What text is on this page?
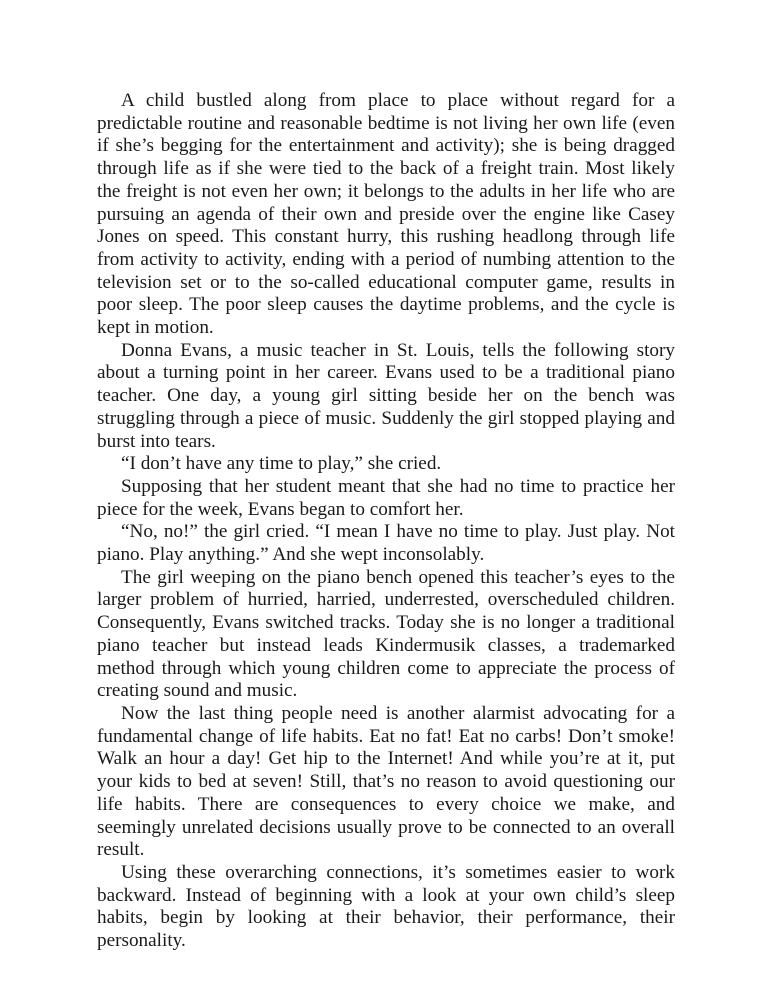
A child bustled along from place to place without regard for a predictable routine and reasonable bedtime is not living her own life (even if she’s begging for the entertainment and activity); she is being dragged through life as if she were tied to the back of a freight train. Most likely the freight is not even her own; it belongs to the adults in her life who are pursuing an agenda of their own and preside over the engine like Casey Jones on speed. This constant hurry, this rushing headlong through life from activity to activity, ending with a period of numbing attention to the television set or to the so-called educational computer game, results in poor sleep. The poor sleep causes the daytime problems, and the cycle is kept in motion.

Donna Evans, a music teacher in St. Louis, tells the following story about a turning point in her career. Evans used to be a traditional piano teacher. One day, a young girl sitting beside her on the bench was struggling through a piece of music. Suddenly the girl stopped playing and burst into tears.

“I don’t have any time to play,” she cried.

Supposing that her student meant that she had no time to practice her piece for the week, Evans began to comfort her.

“No, no!” the girl cried. “I mean I have no time to play. Just play. Not piano. Play anything.” And she wept inconsolably.

The girl weeping on the piano bench opened this teacher’s eyes to the larger problem of hurried, harried, underrested, overscheduled children. Consequently, Evans switched tracks. Today she is no longer a traditional piano teacher but instead leads Kindermusik classes, a trademarked method through which young children come to appreciate the process of creating sound and music.

Now the last thing people need is another alarmist advocating for a fundamental change of life habits. Eat no fat! Eat no carbs! Don’t smoke! Walk an hour a day! Get hip to the Internet! And while you’re at it, put your kids to bed at seven! Still, that’s no reason to avoid questioning our life habits. There are consequences to every choice we make, and seemingly unrelated decisions usually prove to be connected to an overall result.

Using these overarching connections, it’s sometimes easier to work backward. Instead of beginning with a look at your own child’s sleep habits, begin by looking at their behavior, their performance, their personality.
